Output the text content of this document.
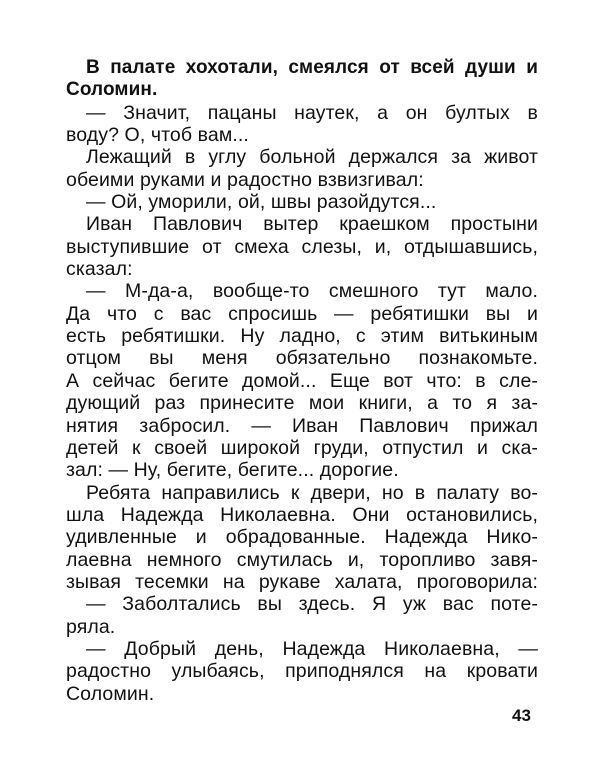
В палате хохотали, смеялся от всей души и
Соломин.
— Значит, пацаны наутек, а он бултых в
воду? О, чтоб вам...
Лежащий в углу больной держался за живот
обеими руками и радостно взвизгивал:
— Ой, уморили, ой, швы разойдутся...
Иван Павлович вытер краешком простыни
выступившие от смеха слезы, и, отдышавшись,
сказал:
— М-да-а, вообще-то смешного тут мало.
Да что с вас спросишь — ребятишки вы и
есть ребятишки. Ну ладно, с этим витькиным
отцом вы меня обязательно познакомьте.
А сейчас бегите домой... Еще вот что: в сле-
дующий раз принесите мои книги, а то я за-
нятия забросил. — Иван Павлович прижал
детей к своей широкой груди, отпустил и ска-
зал: — Ну, бегите, бегите... дорогие.
Ребята направились к двери, но в палату во-
шла Надежда Николаевна. Они остановились,
удивленные и обрадованные. Надежда Нико-
лаевна немного смутилась и, торопливо завя-
зывая тесемки на рукаве халата, проговорила:
— Заболтались вы здесь. Я уж вас поте-
ряла.
— Добрый день, Надежда Николаевна, —
радостно улыбаясь, приподнялся на кровати
Соломин.
43
